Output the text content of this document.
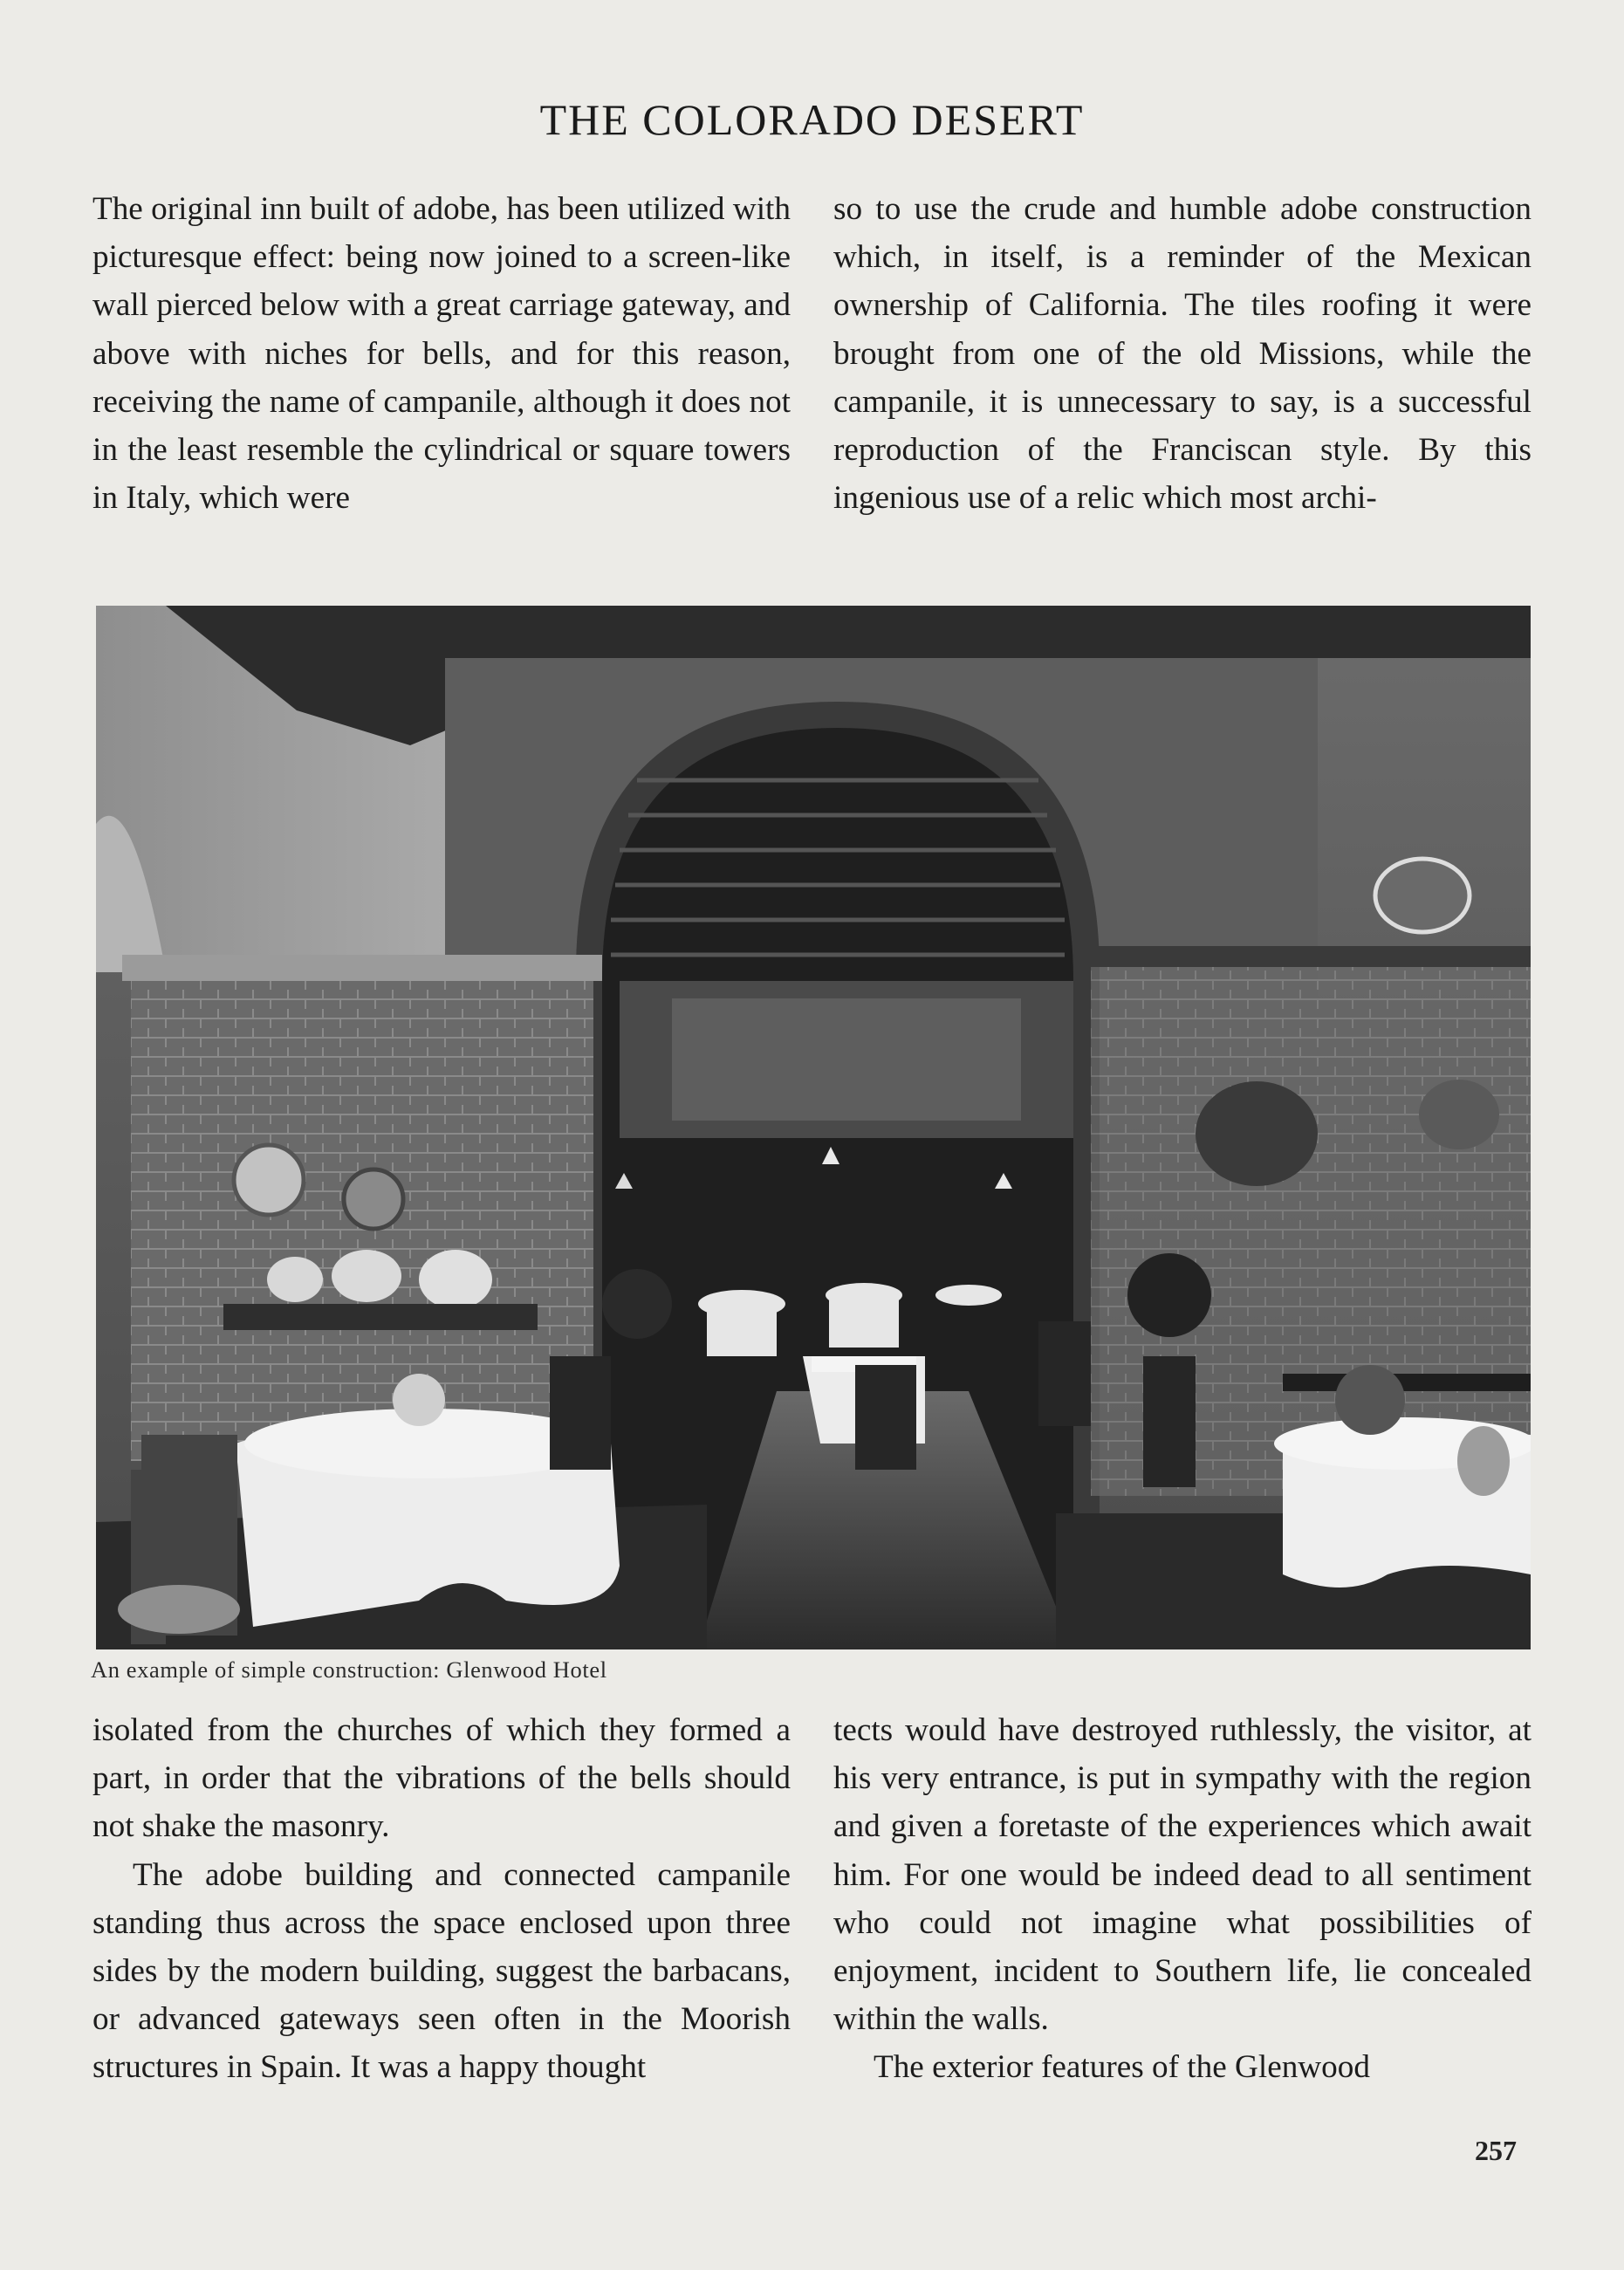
THE COLORADO DESERT

The original inn built of adobe, has been utilized with picturesque effect: being now joined to a screen-like wall pierced below with a great carriage gateway, and above with niches for bells, and for this reason, receiving the name of campanile, although it does not in the least resemble the cylindrical or square towers in Italy, which were

so to use the crude and humble adobe construction which, in itself, is a reminder of the Mexican ownership of California. The tiles roofing it were brought from one of the old Missions, while the campanile, it is unnecessary to say, is a successful reproduction of the Franciscan style. By this ingenious use of a relic which most archi-

An example of simple construction: Glenwood Hotel

isolated from the churches of which they formed a part, in order that the vibrations of the bells should not shake the masonry.

The adobe building and connected campanile standing thus across the space enclosed upon three sides by the modern building, suggest the barbacans, or advanced gateways seen often in the Moorish structures in Spain. It was a happy thought

tects would have destroyed ruthlessly, the visitor, at his very entrance, is put in sympathy with the region and given a foretaste of the experiences which await him. For one would be indeed dead to all sentiment who could not imagine what possibilities of enjoyment, incident to Southern life, lie concealed within the walls.

The exterior features of the Glenwood

257
